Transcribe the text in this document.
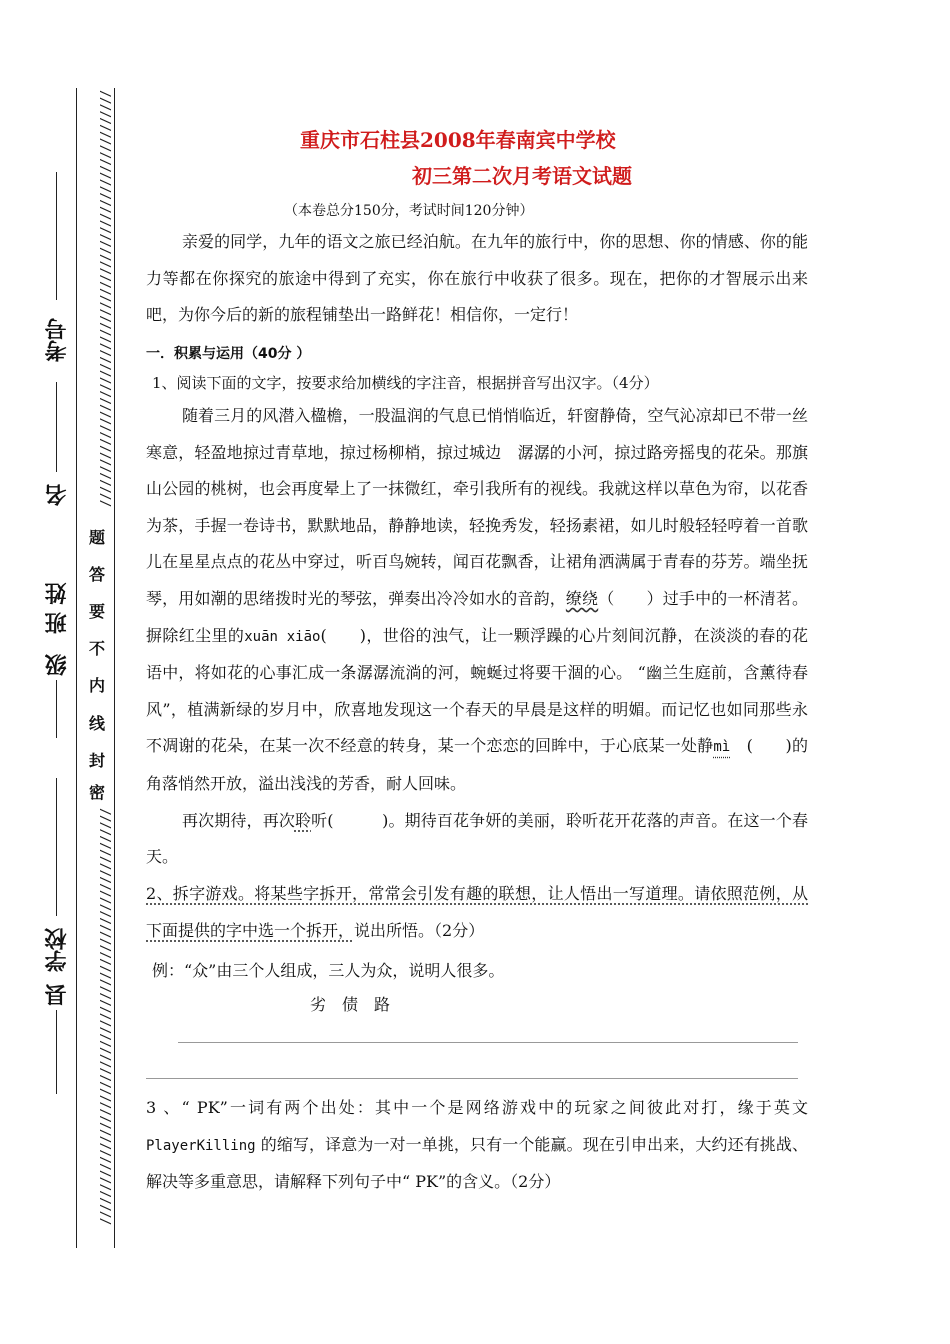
/////////////////////////////////////////////////////////////
/////////////////////////////////////////////////////////////
密
封
线
内
不
要
答
题
考号
名
班 姓
级
学校
县
重庆市石柱县2008年春南宾中学校
初三第二次月考语文试题
（本卷总分150分，考试时间120分钟）
亲爱的同学，九年的语文之旅已经泊航。在九年的旅行中，你的思想、你的情感、你的能力等都在你探究的旅途中得到了充实，你在旅行中收获了很多。现在，把你的才智展示出来吧，为你今后的新的旅程铺垫出一路鲜花！相信你，一定行！
一．积累与运用（40分 ）
1、阅读下面的文字，按要求给加横线的字注音，根据拼音写出汉字。（4分）

随着三月的风潜入楹檐，一股温润的气息已悄悄临近，轩窗静倚，空气沁凉却已不带一丝寒意，轻盈地掠过青草地，掠过杨柳梢，掠过城边　潺潺的小河，掠过路旁摇曳的花朵。那旗山公园的桃树，也会再度晕上了一抹微红，牵引我所有的视线。我就这样以草色为帘，以花香为茶，手握一卷诗书，默默地品，静静地读，轻挽秀发，轻扬素裙，如儿时般轻轻哼着一首歌儿在星星点点的花丛中穿过，听百鸟婉转，闻百花飘香，让裙角洒满属于青春的芬芳。端坐抚琴，用如潮的思绪拨时光的琴弦，弹奏出冷冷如水的音韵，缭绕（　　）过手中的一杯清茗。摒除红尘里的xuān xiāo(　　)，世俗的浊气，让一颗浮躁的心片刻间沉静，在淡淡的春的花语中，将如花的心事汇成一条潺潺流淌的河，蜿蜒过将要干涸的心。 “幽兰生庭前，含薰待春风”，植满新绿的岁月中，欣喜地发现这一个春天的早晨是这样的明媚。而记忆也如同那些永不凋谢的花朵，在某一次不经意的转身，某一个恋恋的回眸中，于心底某一处静mì　(　　)的角落悄然开放，溢出浅浅的芳香，耐人回味。

再次期待，再次聆听(　　　)。期待百花争妍的美丽，聆听花开花落的声音。在这一个春天。

2、拆字游戏。将某些字拆开，常常会引发有趣的联想，让人悟出一写道理。请依照范例，从下面提供的字中选一个拆开，说出所悟。（2分）
例：“众”由三个人组成，三人为众，说明人很多。
劣　债　路
3 、“ PK”一词有两个出处：其中一个是网络游戏中的玩家之间彼此对打，缘于英文PlayerKilling 的缩写，译意为一对一单挑，只有一个能赢。现在引申出来，大约还有挑战、解决等多重意思，请解释下列句子中“ PK”的含义。（2分）
